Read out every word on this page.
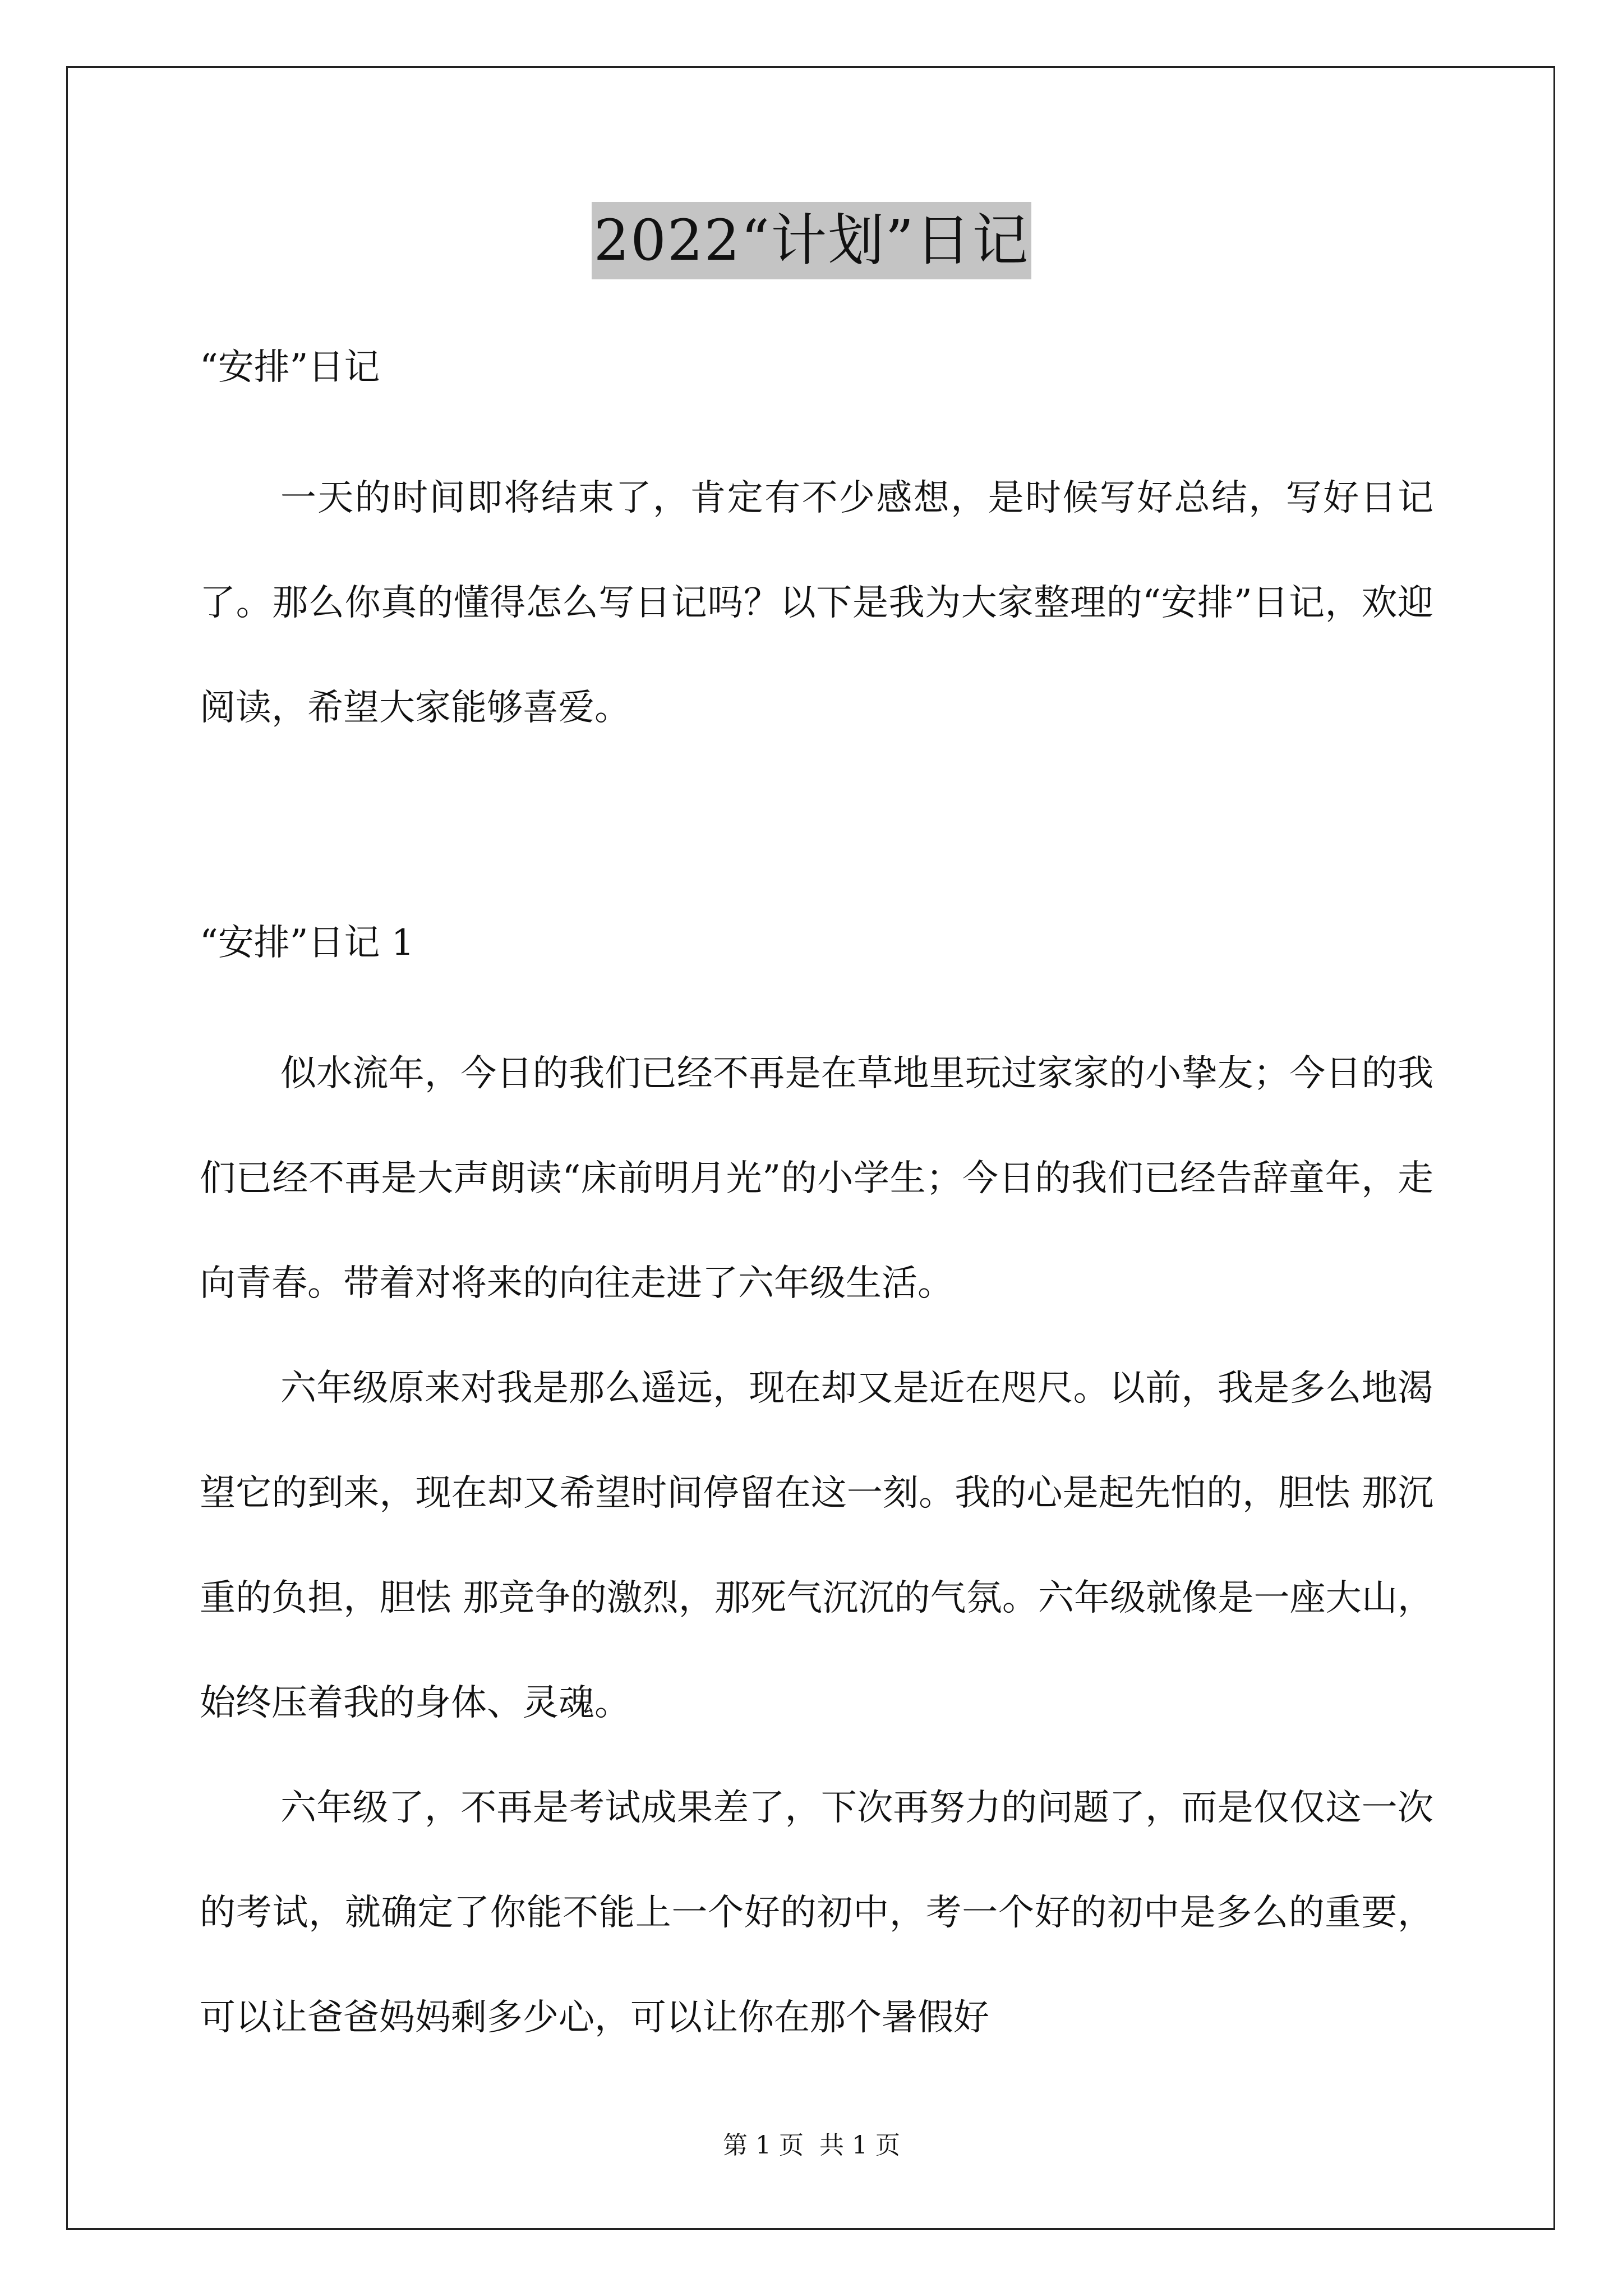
2022“计划”日记

“安排”日记

一天的时间即将结束了，肯定有不少感想，是时候写好总结，写好日记了。那么你真的懂得怎么写日记吗？以下是我为大家整理的“安排”日记，欢迎阅读，希望大家能够喜爱。

“安排”日记 1

似水流年，今日的我们已经不再是在草地里玩过家家的小挚友；今日的我们已经不再是大声朗读“床前明月光”的小学生；今日的我们已经告辞童年，走向青春。带着对将来的向往走进了六年级生活。

六年级原来对我是那么遥远，现在却又是近在咫尺。以前，我是多么地渴望它的到来，现在却又希望时间停留在这一刻。我的心是起先怕的，胆怯 那沉重的负担，胆怯 那竞争的激烈，那死气沉沉的气氛。六年级就像是一座大山，始终压着我的身体、灵魂。

六年级了，不再是考试成果差了，下次再努力的问题了，而是仅仅这一次的考试，就确定了你能不能上一个好的初中，考一个好的初中是多么的重要，可以让爸爸妈妈剩多少心，可以让你在那个暑假好

第 1 页 共 1 页
